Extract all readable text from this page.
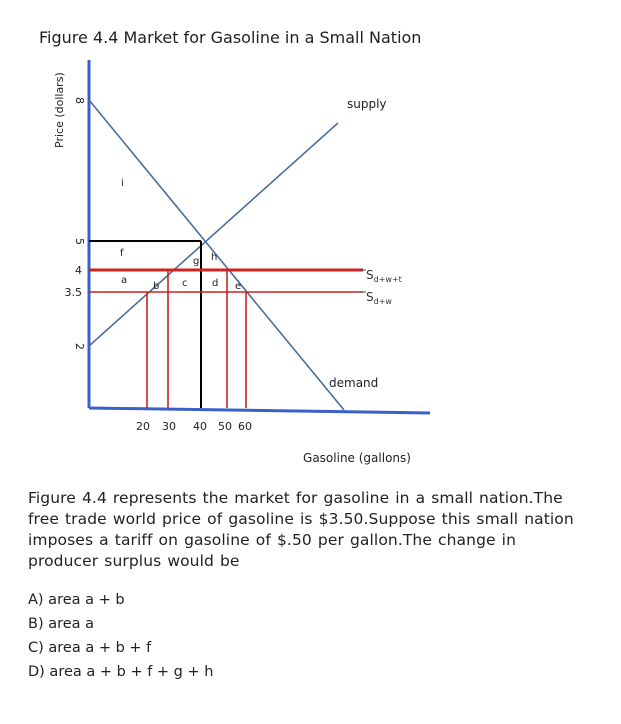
Figure 4.4 Market for Gasoline in a Small Nation
Price (dollars)	supply
demand
$S_{d+w+t}$
$S_{d+w}$
8
5
4
3.5
2
20 30 40 50 60
Gasoline (gallons)
i
f
a
b c d e
g h
Figure 4.4 represents the market for gasoline in a small nation.The free trade world price of gasoline is $3.50.Suppose this small nation imposes a tariff on gasoline of $.50 per gallon.The change in producer surplus would be
A) area a + b
B) area a
C) area a + b + f
D) area a + b + f + g + h
